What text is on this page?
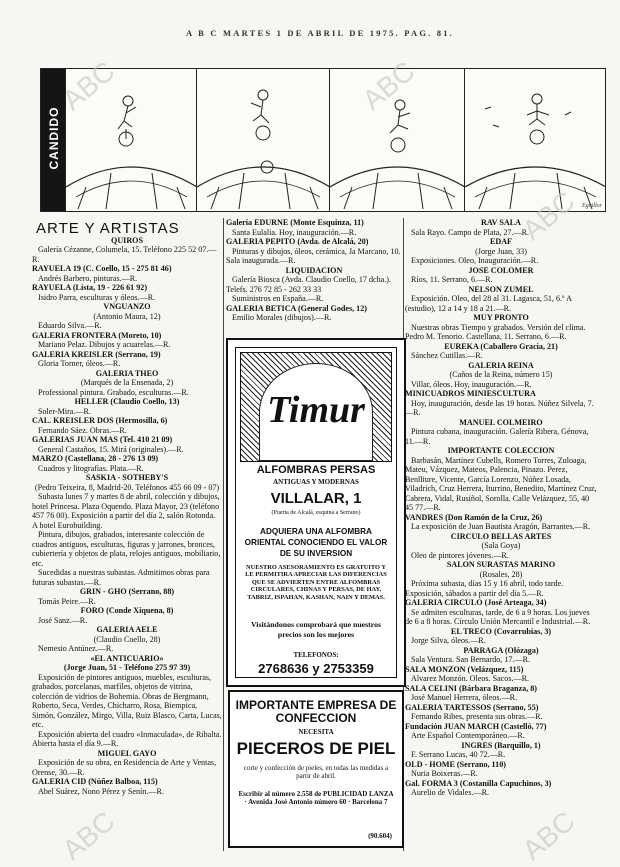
A B C MARTES 1 DE ABRIL DE 1975. PAG. 81.
CANDIDO
Eguillor
ARTE Y ARTISTAS

QUIROS

Galería Cézanne, Columela, 15. Teléfono 225 52 07.—R.

RAYUELA 19 (C. Coello, 15 - 275 81 46)

Andrés Barbero, pinturas.—R.

RAYUELA (Lista, 19 - 226 61 92)

Isidro Parra, esculturas y óleos.—R.

VNGUANZO

(Antonio Maura, 12)

Eduardo Silva.—R.

GALERIA FRONTERA (Moreto, 10)

Mariano Pelaz. Dibujos y acuarelas.—R.

GALERIA KREISLER (Serrano, 19)

Gloria Torner, óleos.—R.

GALERIA THEO

(Marqués de la Ensenada, 2)

Professional pintura. Grabado, esculturas.—R.

HELLER (Claudio Coello, 13)

Soler-Mira.—R.

CAL. KREISLER DOS (Hermosilla, 6)

Fernando Sáez. Obras.—R.

GALERIAS JUAN MAS (Tel. 410 21 09)

General Castaños, 15. Mirá (originales).—R.

MARZO (Castellana, 28 - 276 13 09)

Cuadros y litografías. Plata.—R.

SASKIA - SOTHEBY'S

(Pedro Teixeira, 8, Madrid-20. Teléfonos 455 66 09 - 07)

Subasta lunes 7 y martes 8 de abril, colección y dibujos, hotel Princesa. Plaza Oquendo. Plaza Mayor, 23 (teléfono 457 76 00). Exposición a partir del día 2, salón Rotonda. A hotel Eurobuilding.

Pintura, dibujos, grabados, interesante colección de cuadros antiguos, esculturas, figuras y jarrones, bronces, cubiertería y objetos de plata, relojes antiguos, mobiliario, etc.

Sucedidas a nuestras subastas. Admitimos obras para futuras subastas.—R.

GRIN - GHO (Serrano, 88)

Tomás Peire.—R.

FORO (Conde Xiquena, 8)

José Sanz.—R.

GALERIA AELE

(Claudio Coello, 28)

Nemesio Antúnez.—R.

«EL ANTICUARIO»

(Jorge Juan, 51 - Teléfono 275 97 39)

Exposición de pintores antiguos, muebles, esculturas, grabados, porcelanas, marfiles, objetos de vitrina, colección de vidrios de Bohemia. Obras de Bergmann, Roberto, Seca, Verdes, Chicharro, Rosa, Biempica, Simón, González, Mirgo, Villa, Ruiz Blasco, Carta, Lucas, etc.

Exposición abierta del cuadro «Inmaculada», de Ribalta. Abierta hasta el día 9.—R.

MIGUEL GAYO

Exposición de su obra, en Residencia de Arte y Ventas, Orense, 30.—R.

GALERIA CID (Núñez Balboa, 115)

Abel Suárez, Nono Pérez y Senín.—R.

Galería EDURNE (Monte Esquinza, 11)

Santa Eulalia. Hoy, inauguración.—R.

GALERIA PEPITO (Avda. de Alcalá, 20)

Pinturas y dibujos, óleos, cerámica, Ja Marcano, 10. Sala inaugurada.—R.

LIQUIDACION

Galería Biosca (Avda. Claudio Coello, 17 dcha.). Telefs. 276 72 85 - 262 33 33

Suministros en España.—R.

GALERIA BETICA (General Godes, 12)

Emilio Morales (dibujos).—R.

Timur
ALFOMBRAS PERSAS
ANTIGUAS Y MODERNAS
VILLALAR, 1
(Puerta de Alcalá, esquina a Serrano)
ADQUIERA UNA ALFOMBRA ORIENTAL CONOCIENDO EL VALOR DE SU INVERSION
NUESTRO ASESORAMIENTO ES GRATUITO Y LE PERMITIRA APRECIAR LAS DIFERENCIAS QUE SE ADVIERTEN ENTRE ALFOMBRAS CIRCULARES, CHINAS Y PERSAS, DE HAY, TABRIZ, ISPAHAN, KASHAN, NAIN Y DEMAS.
Visitándonos comprobará que nuestros precios son los mejores
TELEFONOS:
2768636 y 2753359
IMPORTANTE EMPRESA DE CONFECCION
NECESITA
PIECEROS DE PIEL
corte y confección de pieles, en todas las medidas a partir de abril.
Escribir al número 2.558 de PUBLICIDAD LANZA · Avenida José Antonio número 60 · Barcelona 7
(90.604)

RAV SALA

Sala Rayo. Campo de Plata, 27.—R.

EDAF

(Jorge Juan, 33)

Exposiciones. Oleo, Inauguración.—R.

JOSE COLOMER

Ríos, 11. Serrano, 6.—R.

NELSON ZUMEL

Exposición. Oleo, del 28 al 31. Lagasca, 51, 6.º A (estudio), 12 a 14 y 18 a 21.—R.

MUY PRONTO

Nuestras obras Tiempo y grabados. Versión del clima. Pedro M. Tenorio. Castellana, 11. Serrano, 6.—R.

EUREKA (Caballero Gracia, 21)

Sánchez Cutillas.—R.

GALERIA REINA

(Caños de la Reina, número 15)

Villar, óleos. Hoy, inauguración.—R.

MINICUADROS MINIESCULTURA

Hoy, inauguración, desde las 19 horas. Núñez Silvela, 7.—R.

MANUEL COLMEIRO

Pintura cubana, inauguración. Galería Ribera, Génova, 11.—R.

IMPORTANTE COLECCION

Barbasán, Martínez Cubells, Romero Torres, Zuloaga, Mateu, Vázquez, Mateos, Palencia, Pinazo. Perez, Benlliure, Vicente, García Lorenzo, Núñez Losada, Viladrich, Cruz Herrera, Iturrino, Benedito, Martínez Cruz, Cabrera, Vidal, Rusiñol, Sorolla. Calle Velázquez, 55, 40 45 77.—R.

VANDRES (Don Ramón de la Cruz, 26)

La exposición de Juan Bautista Aragón, Barrantes.—R.

CIRCULO BELLAS ARTES

(Sala Goya)

Oleo de pintores jóvenes.—R.

SALON SURASTAS MARINO

(Rosales, 28)

Próxima subasta, días 15 y 16 abril, todo tarde. Exposición, sábados a partir del día 5.—R.

GALERIA CIRCULO (José Arteaga, 34)

Se admiten esculturas, tarde, de 6 a 9 horas. Los jueves de 6 a 8 horas. Círculo Unión Mercantil e Industrial.—R.

EL TRECO (Covarrubias, 3)

Jorge Silva, óleos.—R.

PARRAGA (Olózaga)

Sala Ventura. San Bernardo, 17.—R.

SALA MONZON (Velázquez, 115)

Alvarez Monzón. Oleos. Sacos.—R.

SALA CELINI (Bárbara Braganza, 8)

José Manuel Herrera, óleos.—R.

GALERIA TARTESSOS (Serrano, 55)

Fernando Ribes, presenta sus obras.—R.

Fundación JUAN MARCH (Castelló, 77)

Arte Español Contemporáneo.—R.

INGRES (Barquillo, 1)

F. Serrano Lucas, 40 72.—R.

OLD - HOME (Serrano, 110)

Nuria Boixeras.—R.

Gal. FORMA 3 (Costanilla Capuchinos, 3)

Aurelio de Vidales.—R.

ABC	ABC
ABC
ABC	ABC
